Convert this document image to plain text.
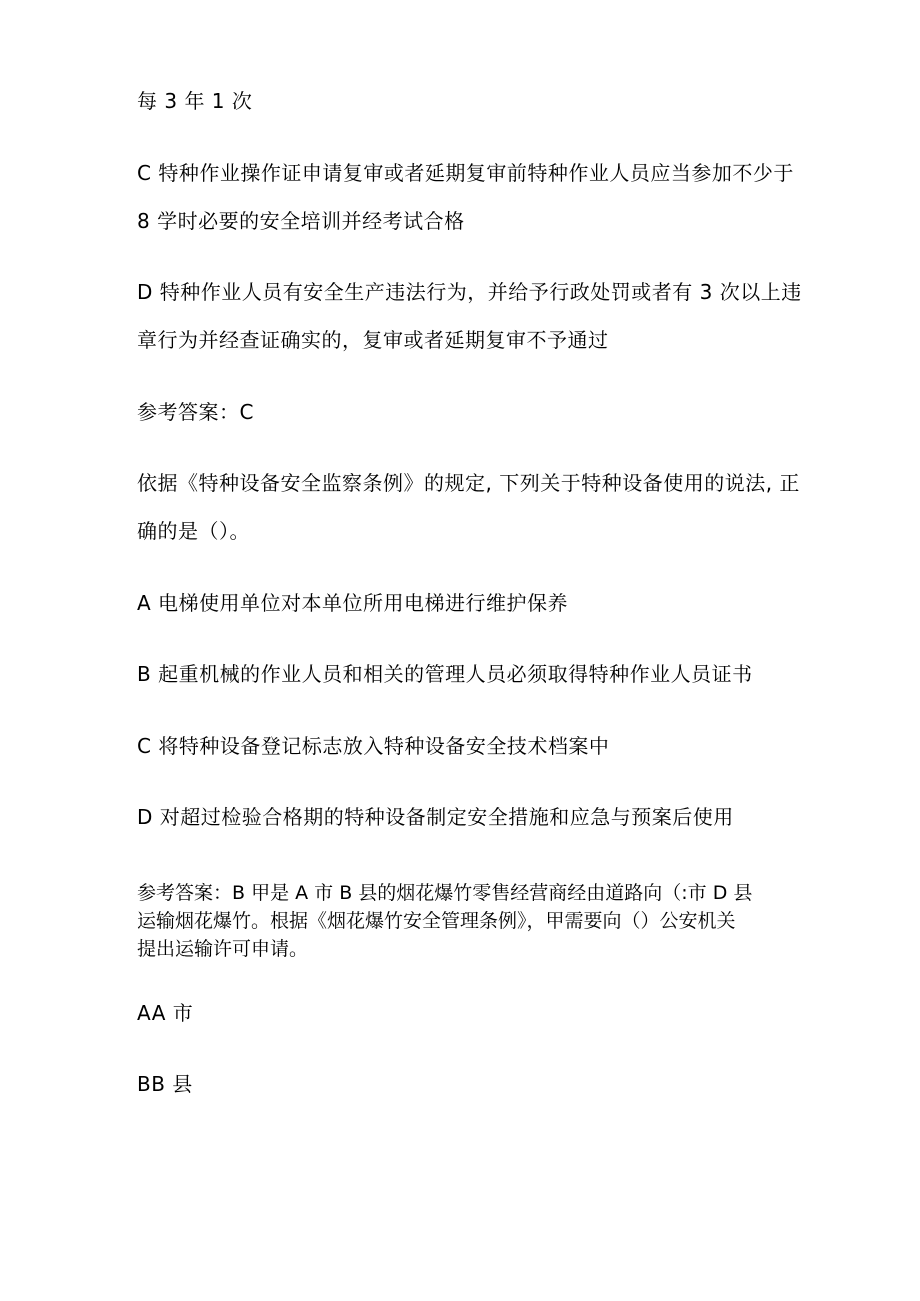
每 3 年 1 次
C 特种作业操作证申请复审或者延期复审前特种作业人员应当参加不少于
8 学时必要的安全培训并经考试合格
D 特种作业人员有安全生产违法行为，并给予行政处罚或者有 3 次以上违
章行为并经查证确实的，复审或者延期复审不予通过
参考答案：C
依据《特种设备安全监察条例》的规定, 下列关于特种设备使用的说法, 正
确的是（）。
A 电梯使用单位对本单位所用电梯进行维护保养
B 起重机械的作业人员和相关的管理人员必须取得特种作业人员证书
C 将特种设备登记标志放入特种设备安全技术档案中
D 对超过检验合格期的特种设备制定安全措施和应急与预案后使用
参考答案：B 甲是 A 市 B 县的烟花爆竹零售经营商经由道路向（:市 D 县
运输烟花爆竹。根据《烟花爆竹安全管理条例》，甲需要向（）公安机关
提出运输许可申请。
AA 市
BB 县
